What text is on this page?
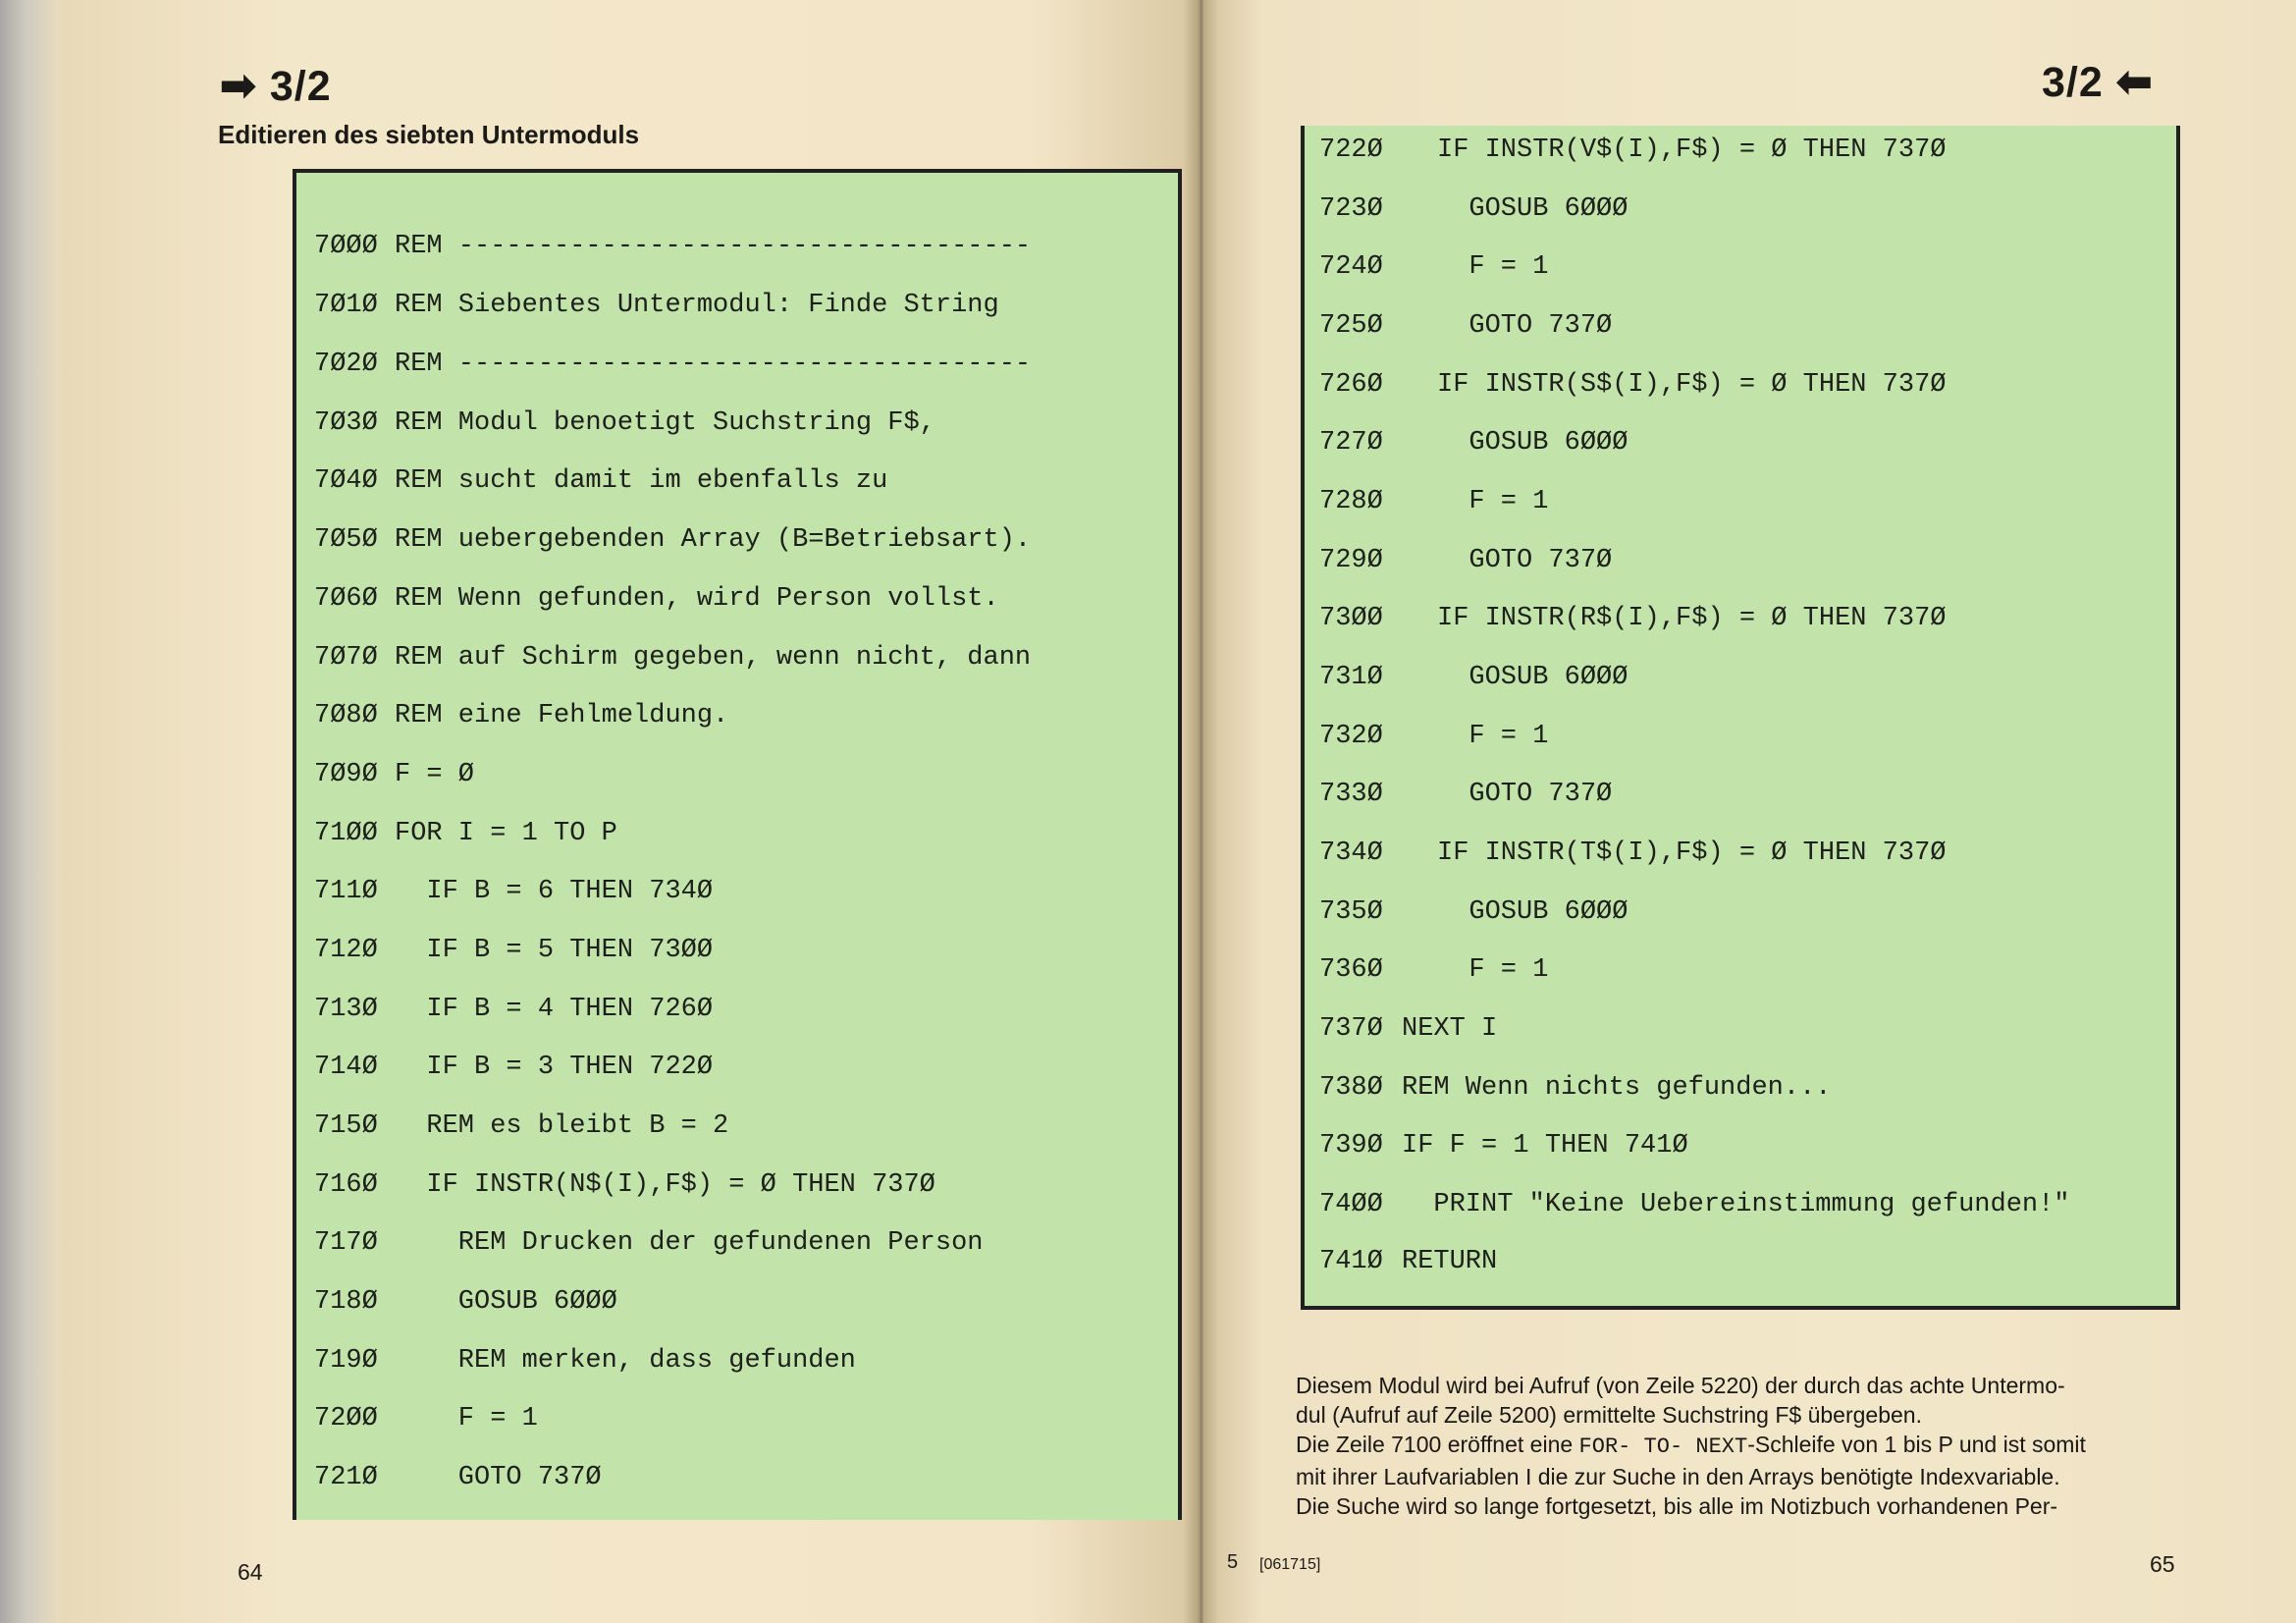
➡ 3/2
Editieren des siebten Untermoduls
3/2 ⬅
7ØØØ REM ------------------------------------
7Ø1Ø REM Siebentes Untermodul: Finde String
7Ø2Ø REM ------------------------------------
7Ø3Ø REM Modul benoetigt Suchstring F$,
7Ø4Ø REM sucht damit im ebenfalls zu
7Ø5Ø REM uebergebenden Array (B=Betriebsart).
7Ø6Ø REM Wenn gefunden, wird Person vollst.
7Ø7Ø REM auf Schirm gegeben, wenn nicht, dann
7Ø8Ø REM eine Fehlmeldung.
7Ø9Ø F = Ø
71ØØ FOR I = 1 TO P
711Ø IF B = 6 THEN 734Ø
712Ø IF B = 5 THEN 73ØØ
713Ø IF B = 4 THEN 726Ø
714Ø IF B = 3 THEN 722Ø
715Ø REM es bleibt B = 2
716Ø IF INSTR(N$(I),F$) = Ø THEN 737Ø
717Ø REM Drucken der gefundenen Person
718Ø GOSUB 6ØØØ
719Ø REM merken, dass gefunden
72ØØ F = 1
721Ø GOTO 737Ø
722Ø IF INSTR(V$(I),F$) = Ø THEN 737Ø
723Ø GOSUB 6ØØØ
724Ø F = 1
725Ø GOTO 737Ø
726Ø IF INSTR(S$(I),F$) = Ø THEN 737Ø
727Ø GOSUB 6ØØØ
728Ø F = 1
729Ø GOTO 737Ø
73ØØ IF INSTR(R$(I),F$) = Ø THEN 737Ø
731Ø GOSUB 6ØØØ
732Ø F = 1
733Ø GOTO 737Ø
734Ø IF INSTR(T$(I),F$) = Ø THEN 737Ø
735Ø GOSUB 6ØØØ
736Ø F = 1
737Ø NEXT I
738Ø REM Wenn nichts gefunden...
739Ø IF F = 1 THEN 741Ø
74ØØ PRINT "Keine Uebereinstimmung gefunden!"
741Ø RETURN
Diesem Modul wird bei Aufruf (von Zeile 5220) der durch das achte Untermo-
dul (Aufruf auf Zeile 5200) ermittelte Suchstring F$ übergeben.
Die Zeile 7100 eröffnet eine FOR- TO- NEXT-Schleife von 1 bis P und ist somit
mit ihrer Laufvariablen I die zur Suche in den Arrays benötigte Indexvariable.
Die Suche wird so lange fortgesetzt, bis alle im Notizbuch vorhandenen Per-
64	5 [061715]	65
